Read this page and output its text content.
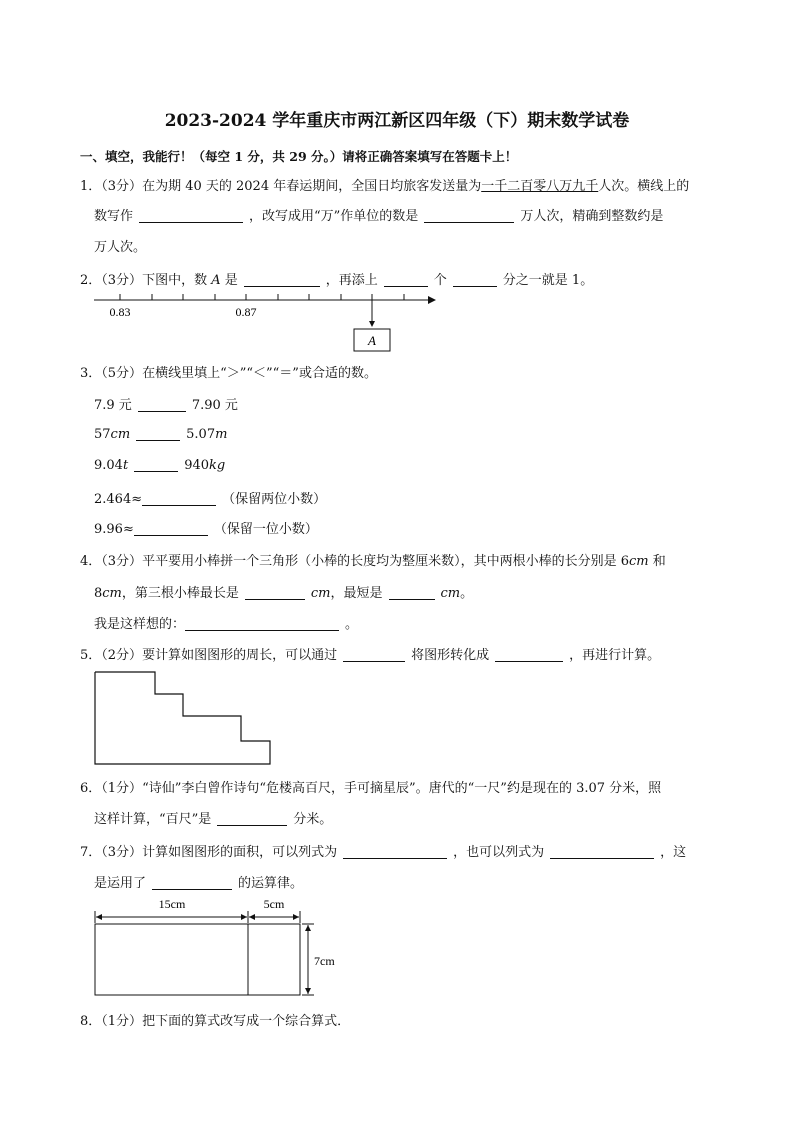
2023-2024 学年重庆市两江新区四年级（下）期末数学试卷
一、填空，我能行！（每空 1 分，共 29 分。）请将正确答案填写在答题卡上！
1．（3分）在为期 40 天的 2024 年春运期间，全国日均旅客发送量为一千二百零八万九千人次。横线上的
数写作	，改写成用“万”作单位的数是	万人次，精确到整数约是
万人次。
2．（3分）下图中，数 A 是	，再添上	个	分之一就是 1。
0.83	0.87
A
3．（5分）在横线里填上“＞”“＜”“＝”或合适的数。
7.9 元	7.90 元
57cm	5.07m
9.04t	940kg
2.464≈	（保留两位小数）
9.96≈	（保留一位小数）
4．（3分）平平要用小棒拼一个三角形（小棒的长度均为整厘米数），其中两根小棒的长分别是 6cm 和
8cm，第三根小棒最长是	cm，最短是	cm。
我是这样想的：	。
5．（2分）要计算如图图形的周长，可以通过	将图形转化成	，再进行计算。
6．（1分）“诗仙”李白曾作诗句“危楼高百尺，手可摘星辰”。唐代的“一尺”约是现在的 3.07 分米，照
这样计算，“百尺”是	分米。
7．（3分）计算如图图形的面积，可以列式为	，也可以列式为	，这
是运用了	的运算律。
15cm	5cm
7cm
8．（1分）把下面的算式改写成一个综合算式．
